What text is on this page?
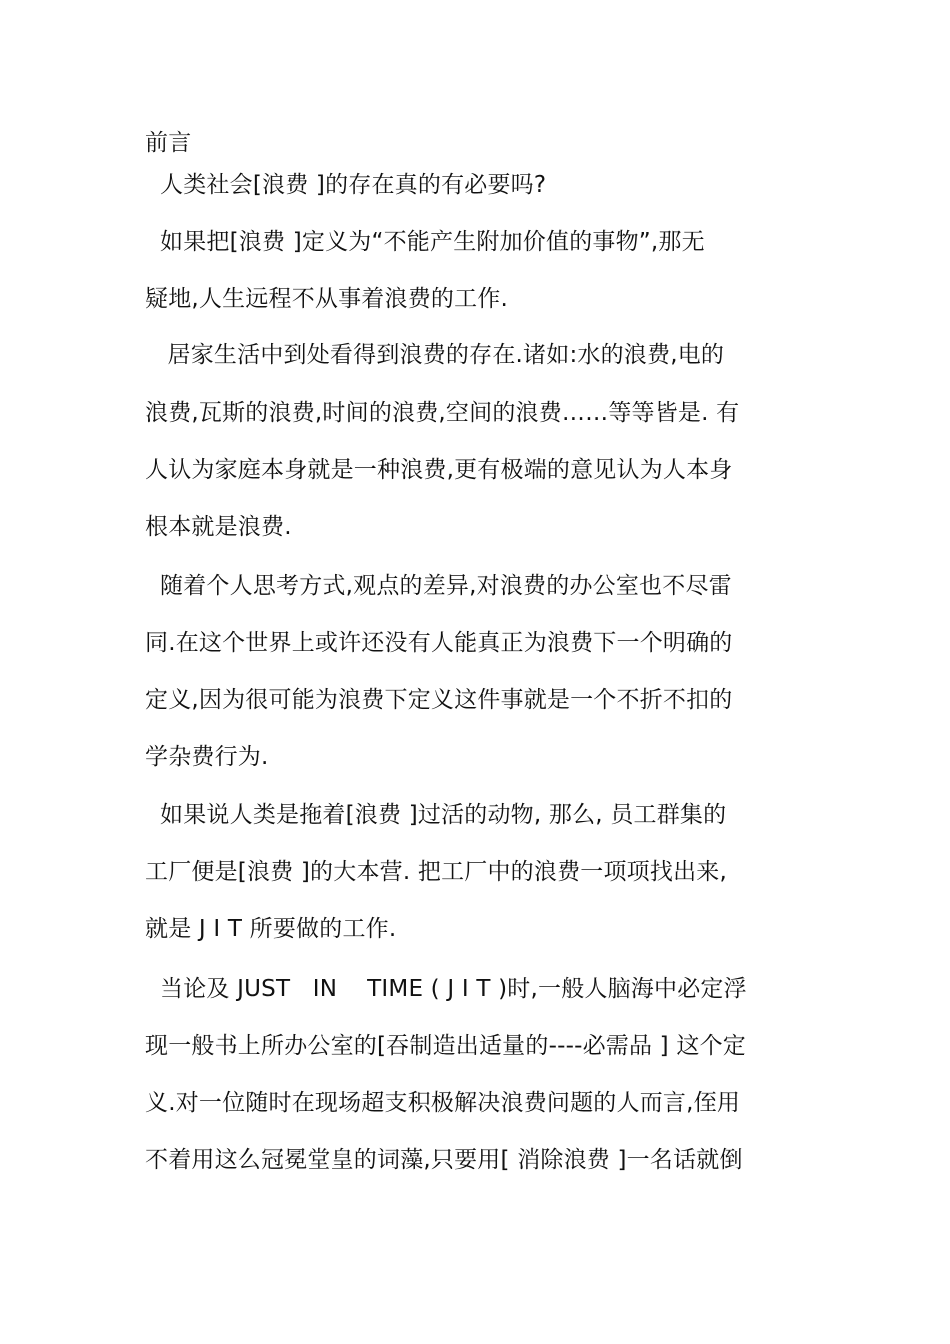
前言
人类社会[浪费 ]的存在真的有必要吗?
如果把[浪费 ]定义为“不能产生附加价值的事物”,那无
疑地,人生远程不从事着浪费的工作.
居家生活中到处看得到浪费的存在.诸如:水的浪费,电的
浪费,瓦斯的浪费,时间的浪费,空间的浪费……等等皆是. 有
人认为家庭本身就是一种浪费,更有极端的意见认为人本身
根本就是浪费.
随着个人思考方式,观点的差异,对浪费的办公室也不尽雷
同.在这个世界上或许还没有人能真正为浪费下一个明确的
定义,因为很可能为浪费下定义这件事就是一个不折不扣的
学杂费行为.
如果说人类是拖着[浪费 ]过活的动物, 那么, 员工群集的
工厂便是[浪费 ]的大本营. 把工厂中的浪费一项项找出来,
就是 J I T 所要做的工作.
当论及 JUST   IN    TIME ( J I T )时,一般人脑海中必定浮
现一般书上所办公室的[吞制造出适量的----必需品 ] 这个定
义.对一位随时在现场超支积极解决浪费问题的人而言,侄用
不着用这么冠冕堂皇的词藻,只要用[ 消除浪费 ]一名话就倒
